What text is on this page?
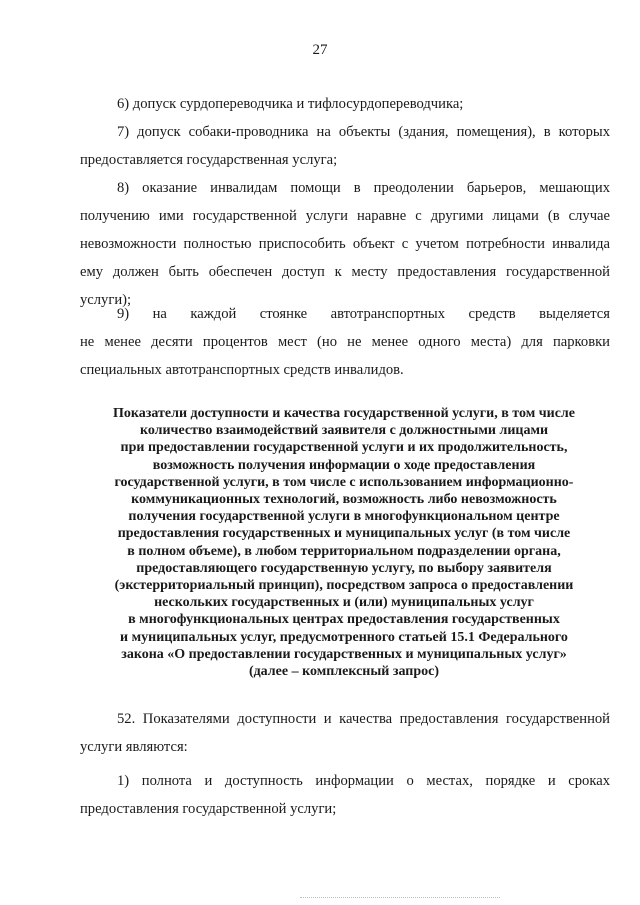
27

6) допуск сурдопереводчика и тифлосурдопереводчика;

7) допуск собаки-проводника на объекты (здания, помещения), в которых предоставляется государственная услуга;

8) оказание инвалидам помощи в преодолении барьеров, мешающих получению ими государственной услуги наравне с другими лицами (в случае невозможности полностью приспособить объект с учетом потребности инвалида ему должен быть обеспечен доступ к месту предоставления государственной услуги);

9) на каждой стоянке автотранспортных средств выделяется

не менее десяти процентов мест (но не менее одного места) для парковки специальных автотранспортных средств инвалидов.

Показатели доступности и качества государственной услуги, в том числе
количество взаимодействий заявителя с должностными лицами
при предоставлении государственной услуги и их продолжительность,
возможность получения информации о ходе предоставления
государственной услуги, в том числе с использованием информационно-
коммуникационных технологий, возможность либо невозможность
получения государственной услуги в многофункциональном центре
предоставления государственных и муниципальных услуг (в том числе
в полном объеме), в любом территориальном подразделении органа,
предоставляющего государственную услугу, по выбору заявителя
(экстерриториальный принцип), посредством запроса о предоставлении
нескольких государственных и (или) муниципальных услуг
в многофункциональных центрах предоставления государственных
и муниципальных услуг, предусмотренного статьей 15.1 Федерального
закона «О предоставлении государственных и муниципальных услуг»
(далее – комплексный запрос)

52. Показателями доступности и качества предоставления государственной услуги являются:

1) полнота и доступность информации о местах, порядке и сроках предоставления государственной услуги;
